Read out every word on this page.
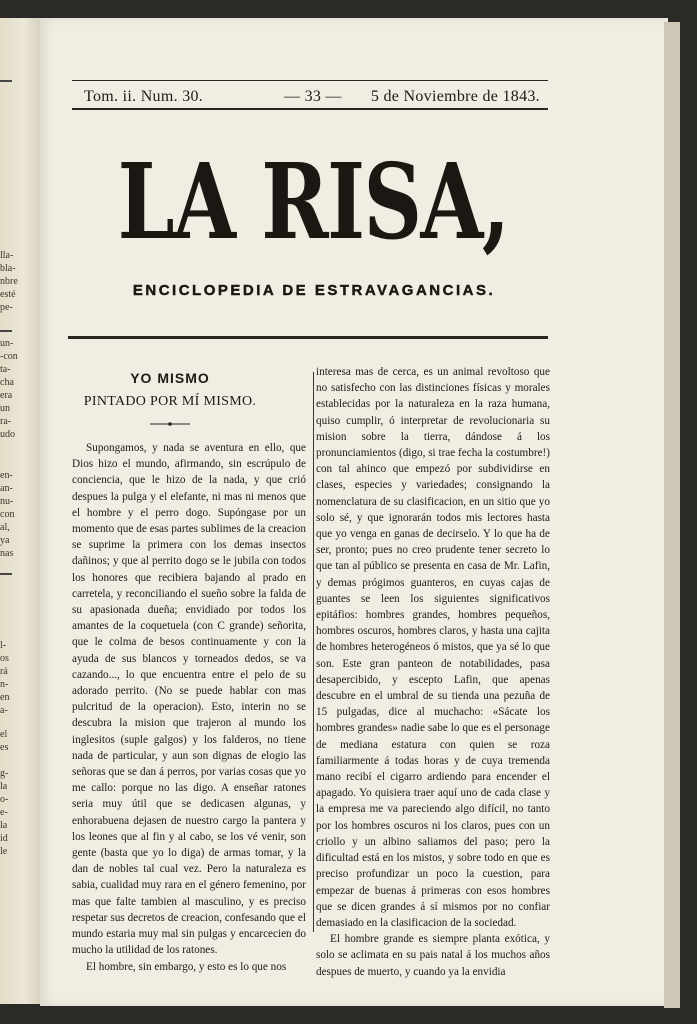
lla-
bla-
nbre
esté
pe-
un-
-con
ta-
cha
era
un
ra-
udo
en-
an-
nu-
con
al,
ya
nas
l-
os
rá
n-
en
a-
el
es
g-
la
o-
e-
la
id
le
Tom. ii. Num. 30.	— 33 — 5 de Noviembre de 1843.
LA RISA,
ENCICLOPEDIA DE ESTRAVAGANCIAS.
YO MISMO
PINTADO POR MÍ MISMO.

Supongamos, y nada se aventura en ello, que Dios hizo el mundo, afirmando, sin escrúpulo de conciencia, que le hizo de la nada, y que crió despues la pulga y el elefante, ni mas ni menos que el hombre y el perro dogo. Supóngase por un momento que de esas partes sublimes de la creacion se suprime la primera con los demas insectos dañinos; y que al perrito dogo se le jubila con todos los honores que recibiera bajando al prado en carretela, y reconciliando el sueño sobre la falda de su apasionada dueña; envidiado por todos los amantes de la coquetuela (con C grande) señorita, que le colma de besos continuamente y con la ayuda de sus blancos y torneados dedos, se va cazando..., lo que encuentra entre el pelo de su adorado perrito. (No se puede hablar con mas pulcritud de la operacion). Esto, interin no se descubra la mision que trajeron al mundo los inglesitos (suple galgos) y los falderos, no tiene nada de particular, y aun son dignas de elogio las señoras que se dan á perros, por varias cosas que yo me callo: porque no las digo. A enseñar ratones seria muy útil que se dedicasen algunas, y enhorabuena dejasen de nuestro cargo la pantera y los leones que al fin y al cabo, se los vé venir, son gente (basta que yo lo diga) de armas tomar, y la dan de nobles tal cual vez. Pero la naturaleza es sabia, cualidad muy rara en el género femenino, por mas que falte tambien al masculino, y es preciso respetar sus decretos de creacion, confesando que el mundo estaria muy mal sin pulgas y encarcecien do mucho la utilidad de los ratones.

El hombre, sin embargo, y esto es lo que nos

interesa mas de cerca, es un animal revoltoso que no satisfecho con las distinciones físicas y morales establecidas por la naturaleza en la raza humana, quiso cumplir, ó interpretar de revolucionaria su mision sobre la tierra, dándose á los pronunciamientos (digo, si trae fecha la costumbre!) con tal ahinco que empezó por subdividirse en clases, especies y variedades; consignando la nomenclatura de su clasificacion, en un sitio que yo solo sé, y que ignorarán todos mis lectores hasta que yo venga en ganas de decirselo. Y lo que ha de ser, pronto; pues no creo prudente tener secreto lo que tan al público se presenta en casa de Mr. Lafin, y demas prógimos guanteros, en cuyas cajas de guantes se leen los siguientes significativos epitáfios: hombres grandes, hombres pequeños, hombres oscuros, hombres claros, y hasta una cajita de hombres heterogéneos ó mistos, que ya sé lo que son. Este gran panteon de notabilidades, pasa desapercibido, y escepto Lafin, que apenas descubre en el umbral de su tienda una pezuña de 15 pulgadas, dice al muchacho: «Sácate los hombres grandes» nadie sabe lo que es el personage de mediana estatura con quien se roza familiarmente á todas horas y de cuya tremenda mano recibí el cigarro ardiendo para encender el apagado. Yo quisiera traer aquí uno de cada clase y la empresa me va pareciendo algo difícil, no tanto por los hombres oscuros ni los claros, pues con un criollo y un albino saliamos del paso; pero la dificultad está en los mistos, y sobre todo en que es preciso profundizar un poco la cuestion, para empezar de buenas á primeras con esos hombres que se dicen grandes á sí mismos por no confiar demasiado en la clasificacion de la sociedad.

El hombre grande es siempre planta exótica, y solo se aclimata en su pais natal á los muchos años despues de muerto, y cuando ya la envidia
